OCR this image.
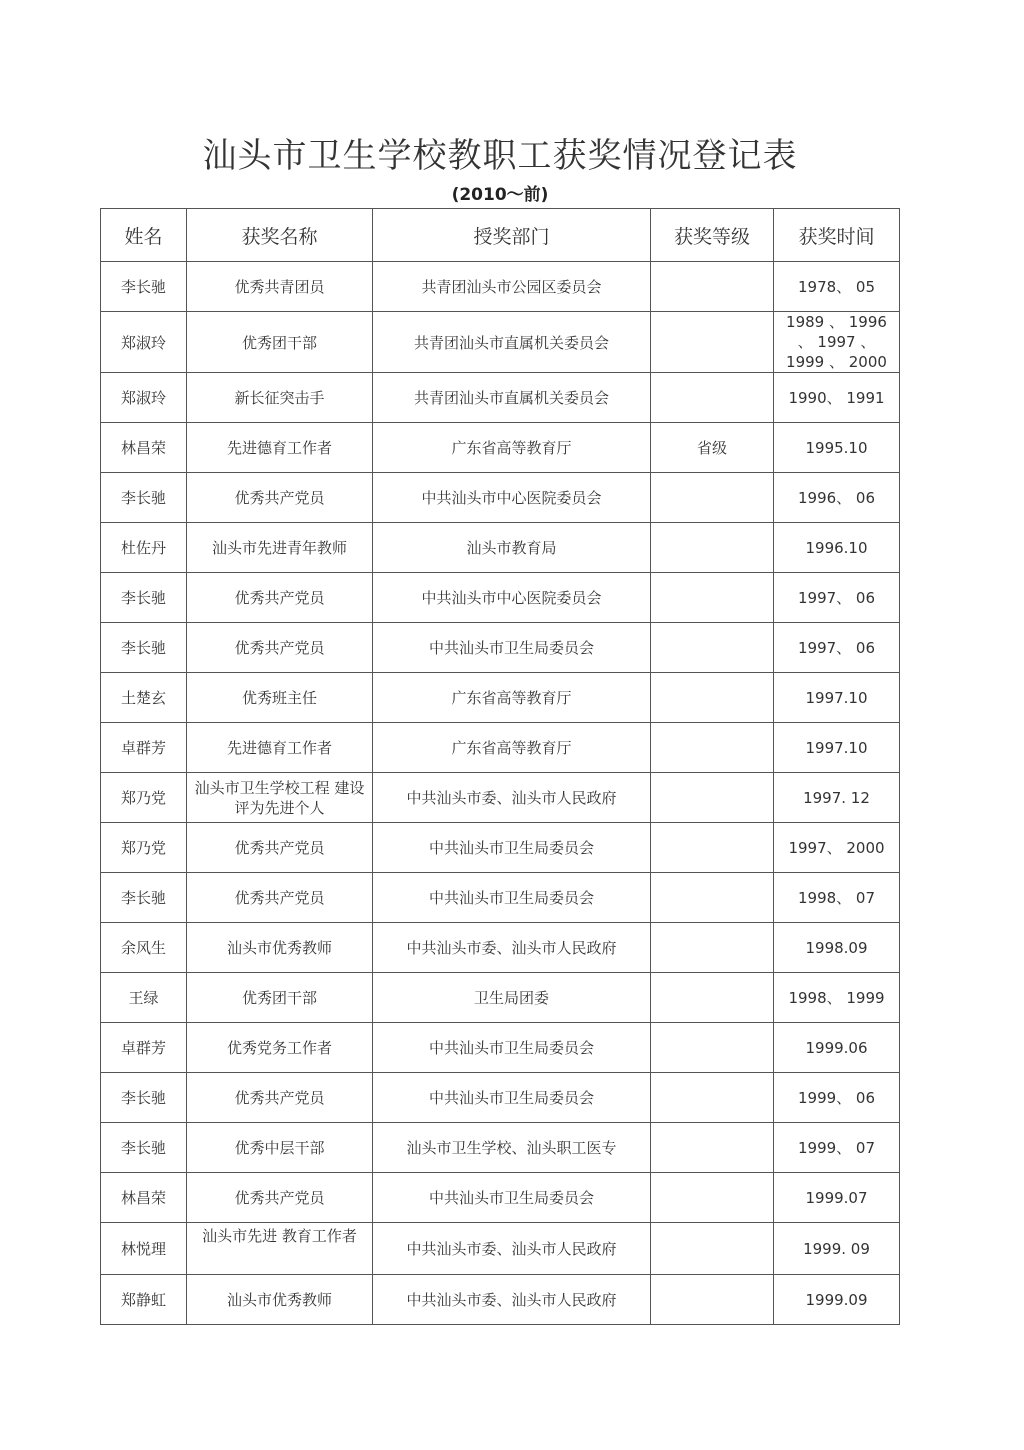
汕头市卫生学校教职工获奖情况登记表
(2010～前)
姓名	获奖名称	授奖部门	获奖等级	获奖时间
李长驰	优秀共青团员	共青团汕头市公园区委员会		1978、 05
郑淑玲	优秀团干部	共青团汕头市直属机关委员会		1989 、 1996 、 1997 、 1999 、 2000
郑淑玲	新长征突击手	共青团汕头市直属机关委员会		1990、 1991
林昌荣	先进德育工作者	广东省高等教育厅	省级	1995.10
李长驰	优秀共产党员	中共汕头市中心医院委员会		1996、 06
杜佐丹	汕头市先进青年教师	汕头市教育局		1996.10
李长驰	优秀共产党员	中共汕头市中心医院委员会		1997、 06
李长驰	优秀共产党员	中共汕头巿卫生局委员会		1997、 06
土楚玄	优秀班主任	广东省高等教育厅		1997.10
卓群芳	先进德育工作者	广东省高等教育厅		1997.10
郑乃党	汕头市卫生学校工程 建设评为先进个人	中共汕头市委、汕头市人民政府		1997. 12
郑乃党	优秀共产党员	中共汕头巿卫生局委员会		1997、 2000
李长驰	优秀共产党员	中共汕头巿卫生局委员会		1998、 07
余风生	汕头市优秀教师	中共汕头市委、汕头市人民政府		1998.09
王绿	优秀团干部	卫生局团委		1998、 1999
卓群芳	优秀党务工作者	中共汕头巿卫生局委员会		1999.06
李长驰	优秀共产党员	中共汕头巿卫生局委员会		1999、 06
李长驰	优秀中层干部	汕头市卫生学校、汕头职工医专		1999、 07
林昌荣	优秀共产党员	中共汕头巿卫生局委员会		1999.07
林悦理	汕头市先进 教育工作者	中共汕头市委、汕头市人民政府		1999. 09
郑静虹	汕头市优秀教师	中共汕头市委、汕头市人民政府		1999.09
